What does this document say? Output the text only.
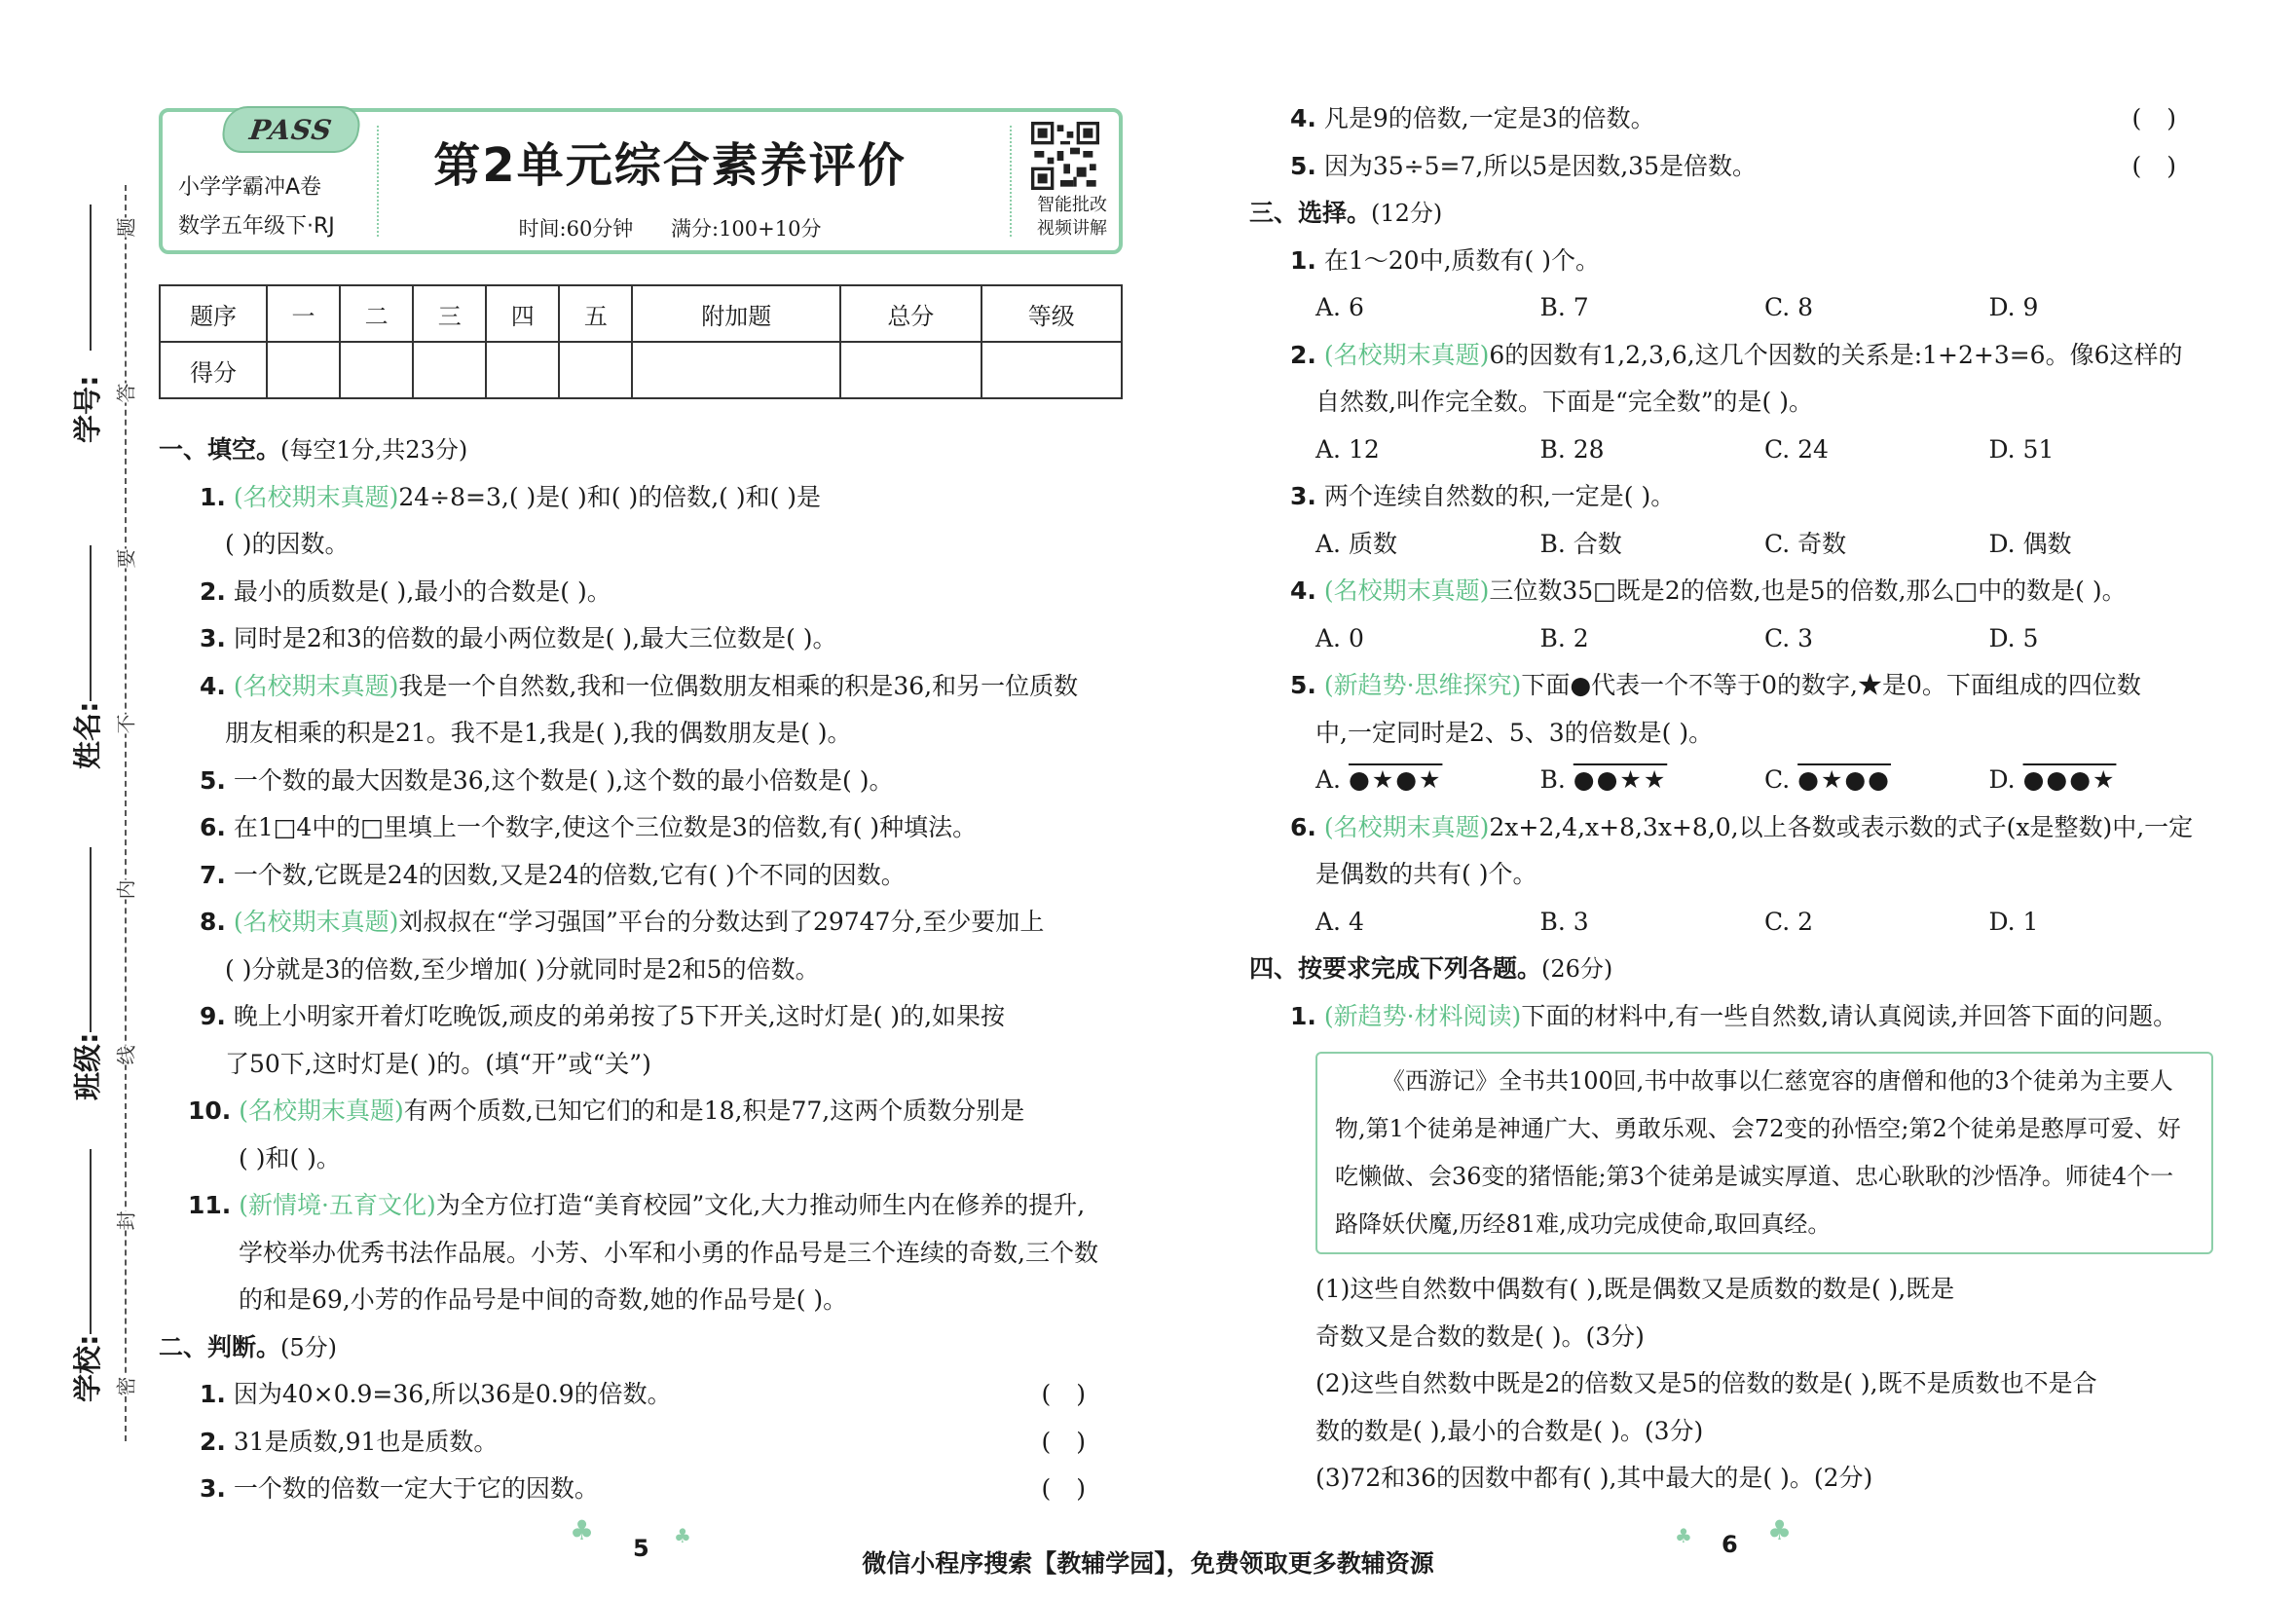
学号:
姓名:
班级:
学校:
题
答
要
不
内
线
封
密
PASS
小学学霸冲A卷
数学五年级下·RJ
第2单元综合素养评价
时间:60分钟 满分:100+10分
智能批改
视频讲解
题序	一	二	三	四	五	附加题	总分	等级
得分								
一、填空。(每空1分,共23分)
1. (名校期末真题)24÷8=3,( )是( )和( )的倍数,( )和( )是
( )的因数。
2. 最小的质数是( ),最小的合数是( )。
3. 同时是2和3的倍数的最小两位数是( ),最大三位数是( )。
4. (名校期末真题)我是一个自然数,我和一位偶数朋友相乘的积是36,和另一位质数
朋友相乘的积是21。我不是1,我是( ),我的偶数朋友是( )。
5. 一个数的最大因数是36,这个数是( ),这个数的最小倍数是( )。
6. 在1□4中的□里填上一个数字,使这个三位数是3的倍数,有( )种填法。
7. 一个数,它既是24的因数,又是24的倍数,它有( )个不同的因数。
8. (名校期末真题)刘叔叔在“学习强国”平台的分数达到了29747分,至少要加上
( )分就是3的倍数,至少增加( )分就同时是2和5的倍数。
9. 晚上小明家开着灯吃晚饭,顽皮的弟弟按了5下开关,这时灯是( )的,如果按
了50下,这时灯是( )的。(填“开”或“关”)
10. (名校期末真题)有两个质数,已知它们的和是18,积是77,这两个质数分别是
( )和( )。
11. (新情境·五育文化)为全方位打造“美育校园”文化,大力推动师生内在修养的提升,
学校举办优秀书法作品展。小芳、小军和小勇的作品号是三个连续的奇数,三个数
的和是69,小芳的作品号是中间的奇数,她的作品号是( )。
二、判断。(5分)
1. 因为40×0.9=36,所以36是0.9的倍数。	()
2. 31是质数,91也是质数。	()
3. 一个数的倍数一定大于它的因数。	()
4. 凡是9的倍数,一定是3的倍数。	()
5. 因为35÷5=7,所以5是因数,35是倍数。	()
三、选择。(12分)
1. 在1～20中,质数有( )个。
A. 6	B. 7	C. 8	D. 9
2. (名校期末真题)6的因数有1,2,3,6,这几个因数的关系是:1+2+3=6。像6这样的
自然数,叫作完全数。下面是“完全数”的是( )。
A. 12	B. 28	C. 24	D. 51
3. 两个连续自然数的积,一定是( )。
A. 质数	B. 合数	C. 奇数	D. 偶数
4. (名校期末真题)三位数35□既是2的倍数,也是5的倍数,那么□中的数是( )。
A. 0	B. 2	C. 3	D. 5
5. (新趋势·思维探究)下面●代表一个不等于0的数字,★是0。下面组成的四位数
中,一定同时是2、5、3的倍数是( )。
A. ●★●★	B. ●●★★	C. ●★●●	D. ●●●★
6. (名校期末真题)2x+2,4,x+8,3x+8,0,以上各数或表示数的式子(x是整数)中,一定
是偶数的共有( )个。
A. 4	B. 3	C. 2	D. 1
四、按要求完成下列各题。(26分)
1. (新趋势·材料阅读)下面的材料中,有一些自然数,请认真阅读,并回答下面的问题。
《西游记》全书共100回,书中故事以仁慈宽容的唐僧和他的3个徒弟为主要人物,第1个徒弟是神通广大、勇敢乐观、会72变的孙悟空;第2个徒弟是憨厚可爱、好吃懒做、会36变的猪悟能;第3个徒弟是诚实厚道、忠心耿耿的沙悟净。师徒4个一路降妖伏魔,历经81难,成功完成使命,取回真经。
(1)这些自然数中偶数有( ),既是偶数又是质数的数是( ),既是
奇数又是合数的数是( )。(3分)
(2)这些自然数中既是2的倍数又是5的倍数的数是( ),既不是质数也不是合
数的数是( ),最小的合数是( )。(3分)
(3)72和36的因数中都有( ),其中最大的是( )。(2分)
♣
5 ♣	♣ 6 ♣
微信小程序搜索【教辅学园】，免费领取更多教辅资源
